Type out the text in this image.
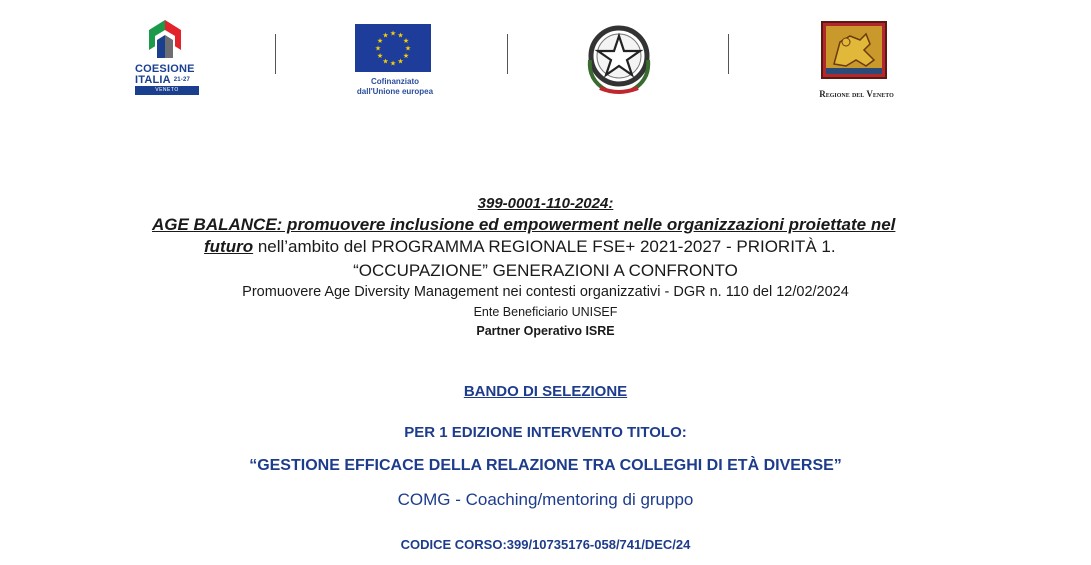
COESIONE
ITALIA $^{21-27}$
VENETO
★ ★
★
★
★
★
★
★
★
★
★
★
Cofinanziato
dall'Unione europea	Regione del Veneto
399-0001-110-2024:
AGE BALANCE: promuovere inclusione ed empowerment nelle organizzazioni proiettate nel
futuro nell’ambito del PROGRAMMA REGIONALE FSE+ 2021-2027 - PRIORITÀ 1.
“OCCUPAZIONE” GENERAZIONI A CONFRONTO
Promuovere Age Diversity Management nei contesti organizzativi - DGR n. 110 del 12/02/2024
Ente Beneficiario UNISEF
Partner Operativo ISRE
BANDO DI SELEZIONE
PER 1 EDIZIONE INTERVENTO TITOLO:
“GESTIONE EFFICACE DELLA RELAZIONE TRA COLLEGHI DI ETÀ DIVERSE”
COMG - Coaching/mentoring di gruppo
CODICE CORSO:399/10735176-058/741/DEC/24
